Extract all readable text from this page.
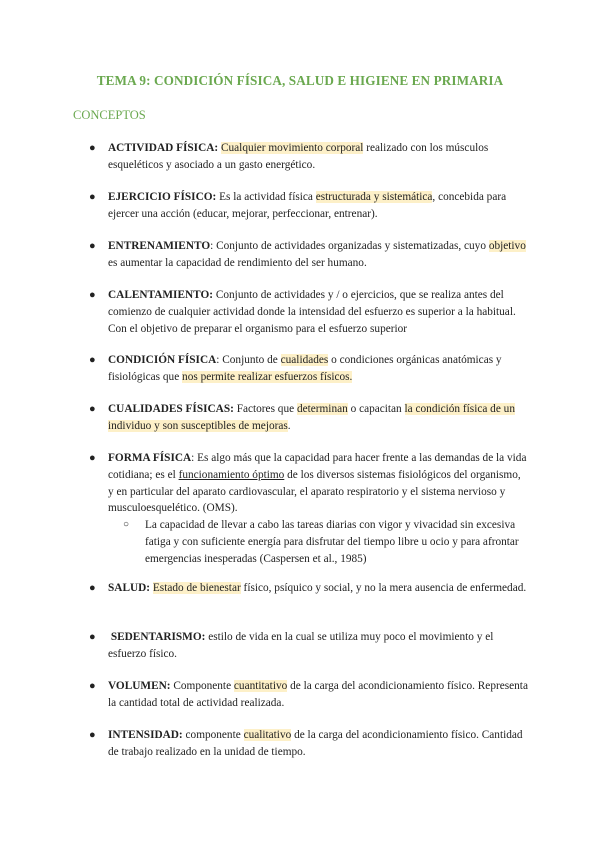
TEMA 9: CONDICIÓN FÍSICA, SALUD E HIGIENE EN PRIMARIA
CONCEPTOS
● ACTIVIDAD FÍSICA: Cualquier movimiento corporal realizado con los músculos esqueléticos y asociado a un gasto energético.
● EJERCICIO FÍSICO: Es la actividad física estructurada y sistemática, concebida para ejercer una acción (educar, mejorar, perfeccionar, entrenar).
● ENTRENAMIENTO: Conjunto de actividades organizadas y sistematizadas, cuyo objetivo es aumentar la capacidad de rendimiento del ser humano.
● CALENTAMIENTO: Conjunto de actividades y / o ejercicios, que se realiza antes del comienzo de cualquier actividad donde la intensidad del esfuerzo es superior a la habitual. Con el objetivo de preparar el organismo para el esfuerzo superior
● CONDICIÓN FÍSICA: Conjunto de cualidades o condiciones orgánicas anatómicas y fisiológicas que nos permite realizar esfuerzos físicos.
● CUALIDADES FÍSICAS: Factores que determinan o capacitan la condición física de un individuo y son susceptibles de mejoras.
● FORMA FÍSICA: Es algo más que la capacidad para hacer frente a las demandas de la vida cotidiana; es el funcionamiento óptimo de los diversos sistemas fisiológicos del organismo, y en particular del aparato cardiovascular, el aparato respiratorio y el sistema nervioso y musculoesquelético. (OMS).
○ La capacidad de llevar a cabo las tareas diarias con vigor y vivacidad sin excesiva fatiga y con suficiente energía para disfrutar del tiempo libre u ocio y para afrontar emergencias inesperadas (Caspersen et al., 1985)
● SALUD: Estado de bienestar físico, psíquico y social, y no la mera ausencia de enfermedad.
● SEDENTARISMO: estilo de vida en la cual se utiliza muy poco el movimiento y el esfuerzo físico.
● VOLUMEN: Componente cuantitativo de la carga del acondicionamiento físico. Representa la cantidad total de actividad realizada.
● INTENSIDAD: componente cualitativo de la carga del acondicionamiento físico. Cantidad de trabajo realizado en la unidad de tiempo.
